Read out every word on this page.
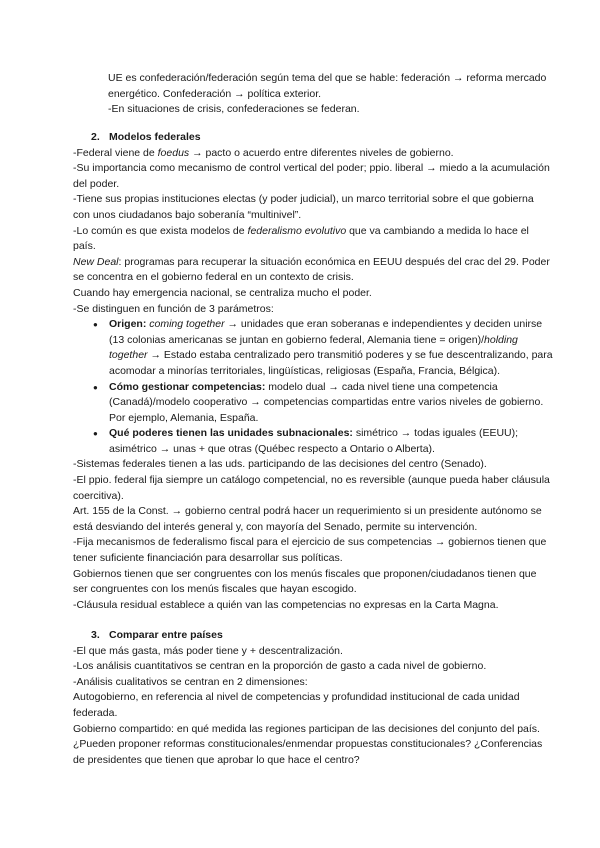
UE es confederación/federación según tema del que se hable: federación → reforma mercado energético. Confederación → política exterior.

-En situaciones de crisis, confederaciones se federan.

2. Modelos federales

-Federal viene de foedus → pacto o acuerdo entre diferentes niveles de gobierno.

-Su importancia como mecanismo de control vertical del poder; ppio. liberal → miedo a la acumulación del poder.

-Tiene sus propias instituciones electas (y poder judicial), un marco territorial sobre el que gobierna con unos ciudadanos bajo soberanía “multinivel”.

-Lo común es que exista modelos de federalismo evolutivo que va cambiando a medida lo hace el país.

New Deal: programas para recuperar la situación económica en EEUU después del crac del 29. Poder se concentra en el gobierno federal en un contexto de crisis.

Cuando hay emergencia nacional, se centraliza mucho el poder.

-Se distinguen en función de 3 parámetros:

● Origen: coming together → unidades que eran soberanas e independientes y deciden unirse (13 colonias americanas se juntan en gobierno federal, Alemania tiene = origen)/holding together → Estado estaba centralizado pero transmitió poderes y se fue descentralizando, para acomodar a minorías territoriales, lingüísticas, religiosas (España, Francia, Bélgica).
● Cómo gestionar competencias: modelo dual → cada nivel tiene una competencia (Canadá)/modelo cooperativo → competencias compartidas entre varios niveles de gobierno. Por ejemplo, Alemania, España.
● Qué poderes tienen las unidades subnacionales: simétrico → todas iguales (EEUU); asimétrico → unas + que otras (Québec respecto a Ontario o Alberta).

-Sistemas federales tienen a las uds. participando de las decisiones del centro (Senado).

-El ppio. federal fija siempre un catálogo competencial, no es reversible (aunque pueda haber cláusula coercitiva).

Art. 155 de la Const. → gobierno central podrá hacer un requerimiento si un presidente autónomo se está desviando del interés general y, con mayoría del Senado, permite su intervención.

-Fija mecanismos de federalismo fiscal para el ejercicio de sus competencias → gobiernos tienen que tener suficiente financiación para desarrollar sus políticas.

Gobiernos tienen que ser congruentes con los menús fiscales que proponen/ciudadanos tienen que ser congruentes con los menús fiscales que hayan escogido.

-Cláusula residual establece a quién van las competencias no expresas en la Carta Magna.

3. Comparar entre países

-El que más gasta, más poder tiene y + descentralización.

-Los análisis cuantitativos se centran en la proporción de gasto a cada nivel de gobierno.

-Análisis cualitativos se centran en 2 dimensiones:

Autogobierno, en referencia al nivel de competencias y profundidad institucional de cada unidad federada.

Gobierno compartido: en qué medida las regiones participan de las decisiones del conjunto del país. ¿Pueden proponer reformas constitucionales/enmendar propuestas constitucionales? ¿Conferencias de presidentes que tienen que aprobar lo que hace el centro?
